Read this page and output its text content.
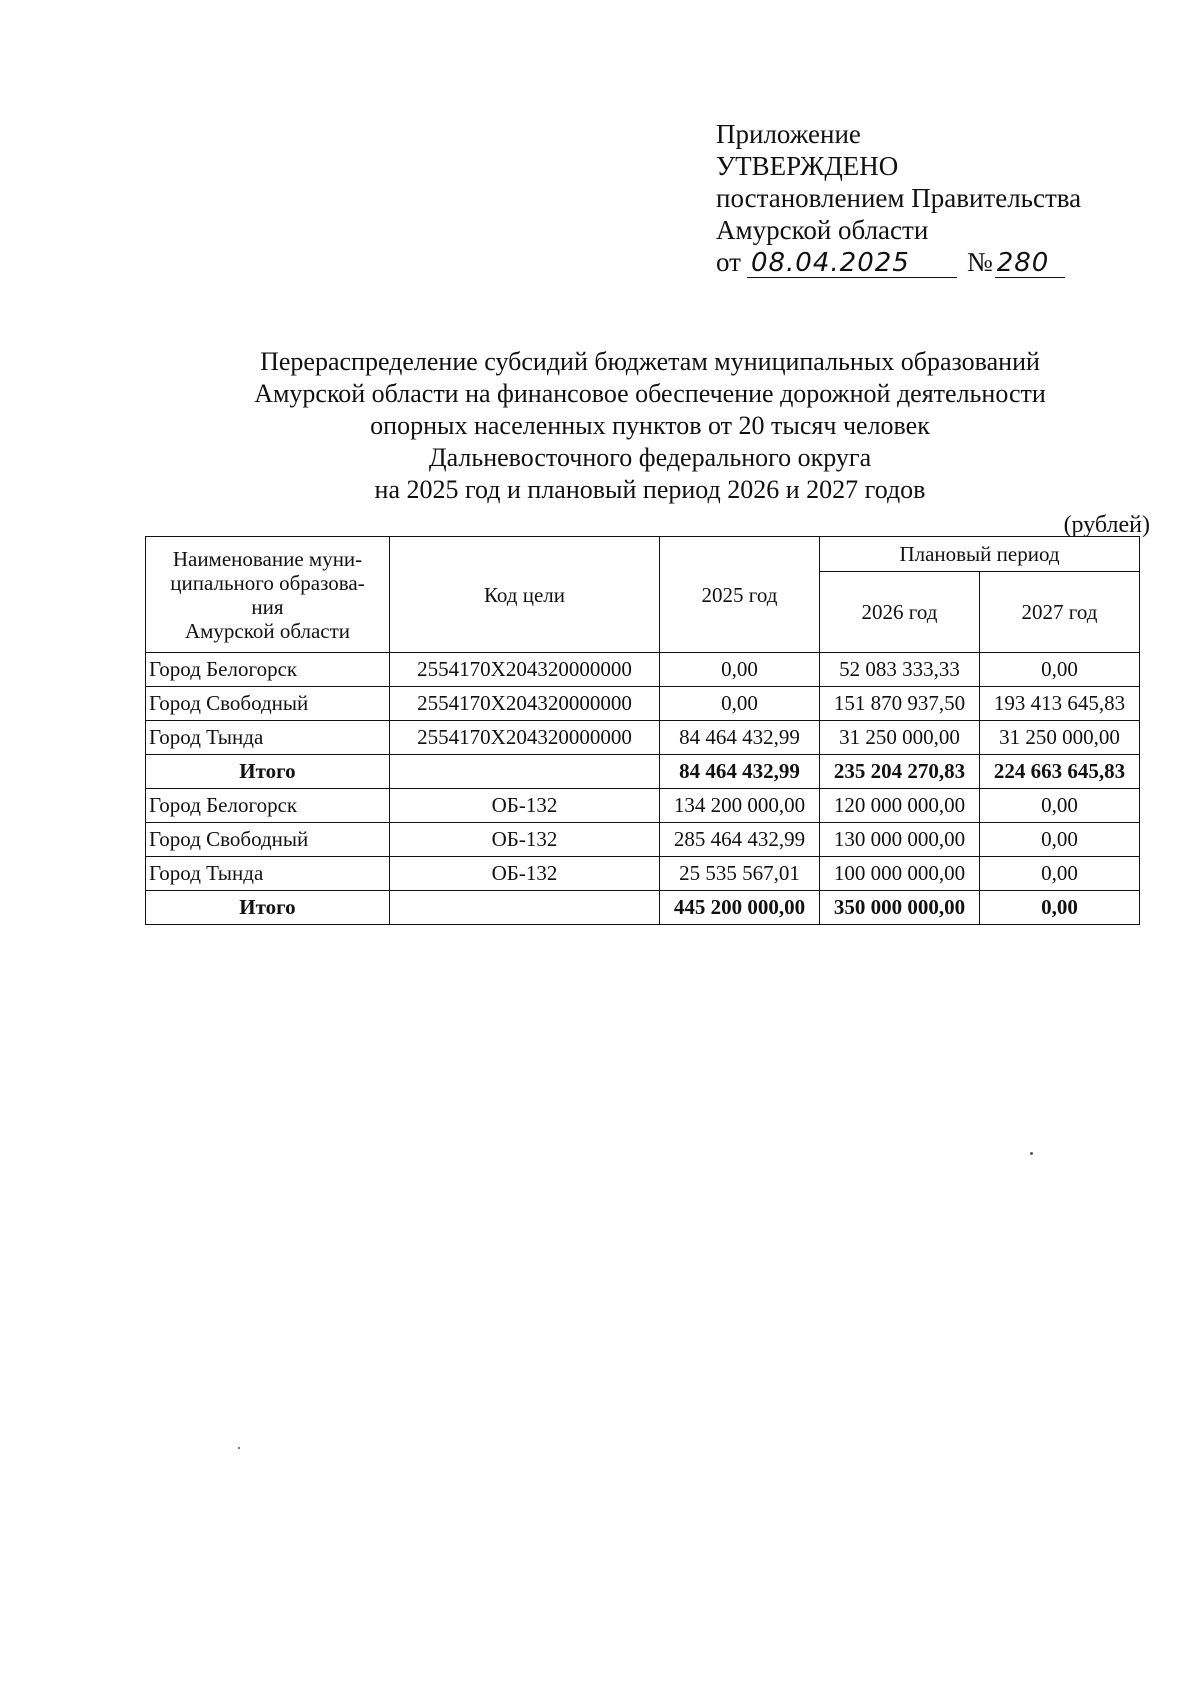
Приложение
УТВЕРЖДЕНО
постановлением Правительства
Амурской области
от 08.04.2025	№ 280
Перераспределение субсидий бюджетам муниципальных образований
Амурской области на финансовое обеспечение дорожной деятельности
опорных населенных пунктов от 20 тысяч человек
Дальневосточного федерального округа
на 2025 год и плановый период 2026 и 2027 годов
(рублей)
Наименование муни-
ципального образова-
ния
Амурской области	Код цели	2025 год	Плановый период	
			2026 год	2027 год
Город Белогорск	2554170X204320000000	0,00	52 083 333,33	0,00
Город Свободный	2554170X204320000000	0,00	151 870 937,50	193 413 645,83
Город Тында	2554170X204320000000	84 464 432,99	31 250 000,00	31 250 000,00
Итого		84 464 432,99	235 204 270,83	224 663 645,83
Город Белогорск	ОБ-132	134 200 000,00	120 000 000,00	0,00
Город Свободный	ОБ-132	285 464 432,99	130 000 000,00	0,00
Город Тында	ОБ-132	25 535 567,01	100 000 000,00	0,00
Итого		445 200 000,00	350 000 000,00	0,00
